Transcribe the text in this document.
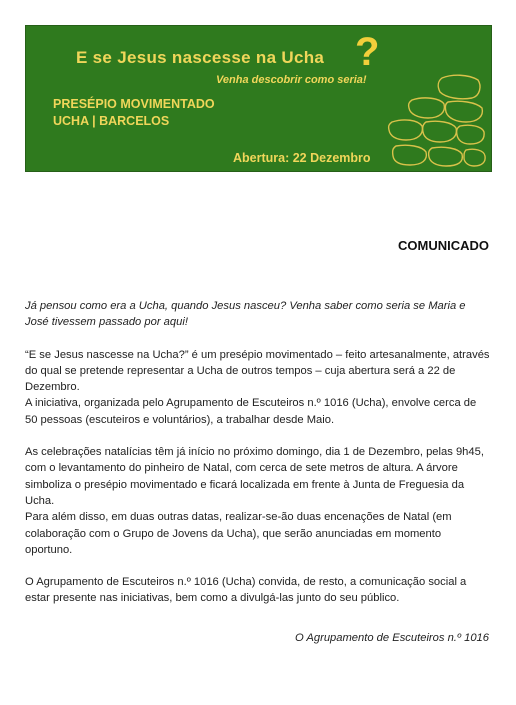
E se Jesus nascesse na Ucha ?
Venha descobrir como seria!
PRESÉPIO MOVIMENTADO
UCHA | BARCELOS
Abertura: 22 Dezembro
COMUNICADO

Já pensou como era a Ucha, quando Jesus nasceu? Venha saber como seria se Maria e José tivessem passado por aqui!

“E se Jesus nascesse na Ucha?” é um presépio movimentado – feito artesanalmente, através do qual se pretende representar a Ucha de outros tempos – cuja abertura será a 22 de Dezembro.

A iniciativa, organizada pelo Agrupamento de Escuteiros n.º 1016 (Ucha), envolve cerca de 50 pessoas (escuteiros e voluntários), a trabalhar desde Maio.

As celebrações natalícias têm já início no próximo domingo, dia 1 de Dezembro, pelas 9h45, com o levantamento do pinheiro de Natal, com cerca de sete metros de altura. A árvore simboliza o presépio movimentado e ficará localizada em frente à Junta de Freguesia da Ucha.

Para além disso, em duas outras datas, realizar-se-ão duas encenações de Natal (em colaboração com o Grupo de Jovens da Ucha), que serão anunciadas em momento oportuno.

O Agrupamento de Escuteiros n.º 1016 (Ucha) convida, de resto, a comunicação social a estar presente nas iniciativas, bem como a divulgá-las junto do seu público.

O Agrupamento de Escuteiros n.º 1016
